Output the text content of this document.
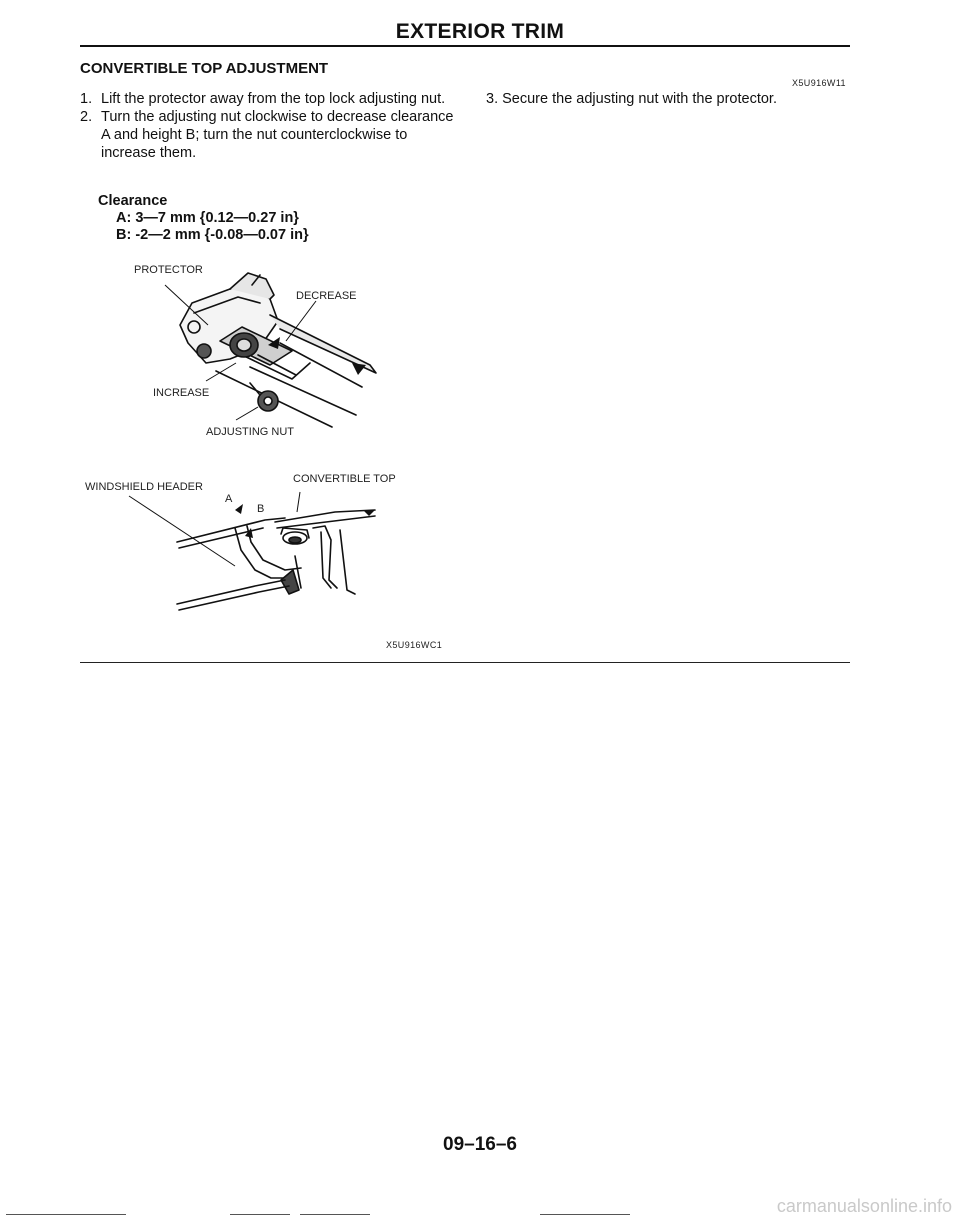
EXTERIOR TRIM
CONVERTIBLE TOP ADJUSTMENT
X5U916W11
1. Lift the protector away from the top lock adjusting nut.
2. Turn the adjusting nut clockwise to decrease clearance A and height B; turn the nut counterclockwise to increase them.
3. Secure the adjusting nut with the protector.
Clearance
A: 3—7 mm {0.12—0.27 in}
B: -2—2 mm {-0.08—0.07 in}
PROTECTOR
DECREASE
INCREASE
ADJUSTING NUT
WINDSHIELD HEADER
CONVERTIBLE TOP
A
B
X5U916WC1
09–16–6
carmanualsonline.info
